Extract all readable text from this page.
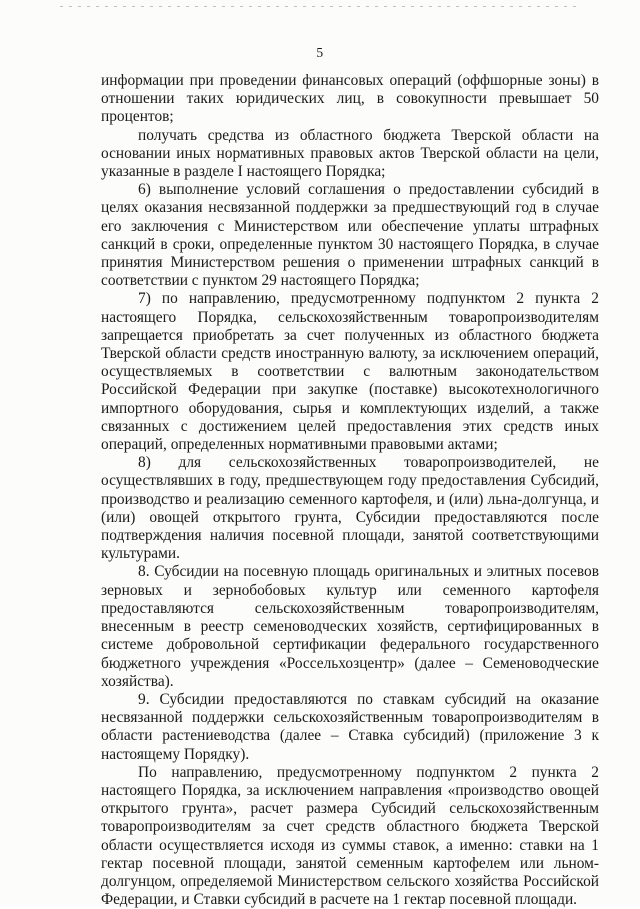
5

информации при проведении финансовых операций (оффшорные зоны) в отношении таких юридических лиц, в совокупности превышает 50 процентов;

получать средства из областного бюджета Тверской области на основании иных нормативных правовых актов Тверской области на цели, указанные в разделе I настоящего Порядка;

6) выполнение условий соглашения о предоставлении субсидий в целях оказания несвязанной поддержки за предшествующий год в случае его заключения с Министерством или обеспечение уплаты штрафных санкций в сроки, определенные пунктом 30 настоящего Порядка, в случае принятия Министерством решения о применении штрафных санкций в соответствии с пунктом 29 настоящего Порядка;

7) по направлению, предусмотренному подпунктом 2 пункта 2 настоящего Порядка, сельскохозяйственным товаропроизводителям запрещается приобретать за счет полученных из областного бюджета Тверской области средств иностранную валюту, за исключением операций, осуществляемых в соответствии с валютным законодательством Российской Федерации при закупке (поставке) высокотехнологичного импортного оборудования, сырья и комплектующих изделий, а также связанных с достижением целей предоставления этих средств иных операций, определенных нормативными правовыми актами;

8) для сельскохозяйственных товаропроизводителей, не осуществлявших в году, предшествующем году предоставления Субсидий, производство и реализацию семенного картофеля, и (или) льна-долгунца, и (или) овощей открытого грунта, Субсидии предоставляются после подтверждения наличия посевной площади, занятой соответствующими культурами.

8. Субсидии на посевную площадь оригинальных и элитных посевов зерновых и зернобобовых культур или семенного картофеля предоставляются сельскохозяйственным товаропроизводителям, внесенным в реестр семеноводческих хозяйств, сертифицированных в системе добровольной сертификации федерального государственного бюджетного учреждения «Россельхозцентр» (далее – Семеноводческие хозяйства).

9. Субсидии предоставляются по ставкам субсидий на оказание несвязанной поддержки сельскохозяйственным товаропроизводителям в области растениеводства (далее – Ставка субсидий) (приложение 3 к настоящему Порядку).

По направлению, предусмотренному подпунктом 2 пункта 2 настоящего Порядка, за исключением направления «производство овощей открытого грунта», расчет размера Субсидий сельскохозяйственным товаропроизводителям за счет средств областного бюджета Тверской области осуществляется исходя из суммы ставок, а именно: ставки на 1 гектар посевной площади, занятой семенным картофелем или льном-долгунцом, определяемой Министерством сельского хозяйства Российской Федерации, и Ставки субсидий в расчете на 1 гектар посевной площади.
